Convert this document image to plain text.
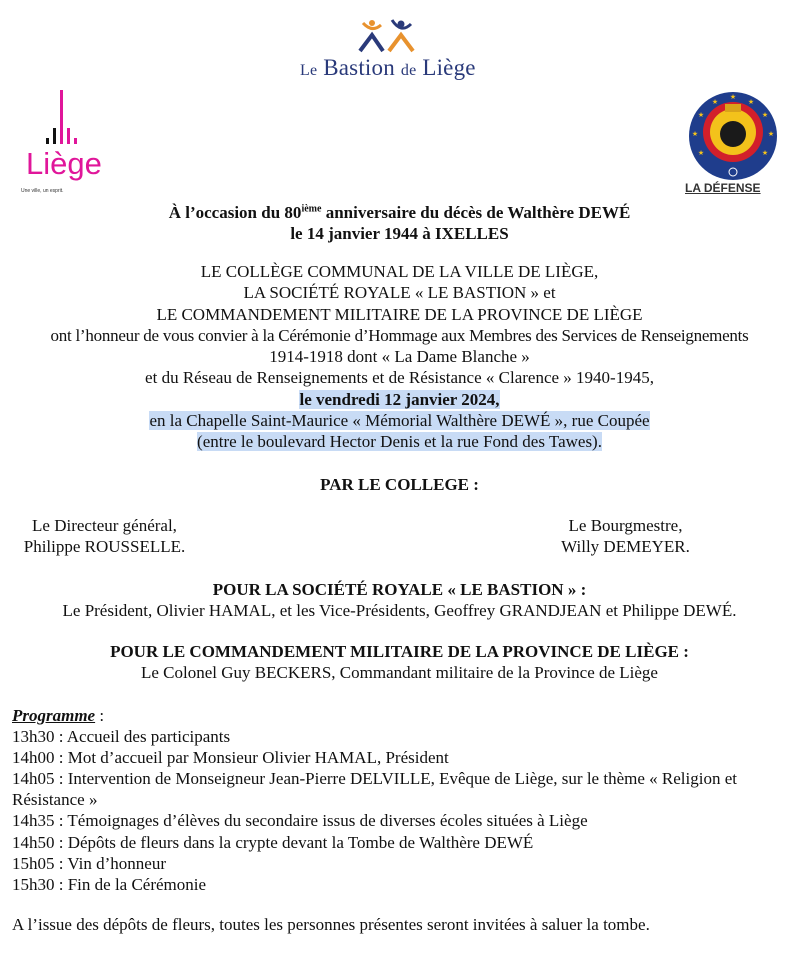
Le Bastion de Liège
Liège
Une ville, un esprit.
★
★
★
★
★
★
★
★
★
LA DÉFENSE
À l’occasion du 80ième anniversaire du décès de Walthère DEWÉ
le 14 janvier 1944 à IXELLES
LE COLLÈGE COMMUNAL DE LA VILLE DE LIÈGE,
LA SOCIÉTÉ ROYALE « LE BASTION » et
LE COMMANDEMENT MILITAIRE DE LA PROVINCE DE LIÈGE
ont l’honneur de vous convier à la Cérémonie d’Hommage aux Membres des Services de Renseignements
1914-1918 dont « La Dame Blanche »
et du Réseau de Renseignements et de Résistance « Clarence » 1940-1945,
le vendredi 12 janvier 2024,
en la Chapelle Saint-Maurice « Mémorial Walthère DEWÉ », rue Coupée
(entre le boulevard Hector Denis et la rue Fond des Tawes).
PAR LE COLLEGE :
Le Directeur général,
Philippe ROUSSELLE.
Le Bourgmestre,
Willy DEMEYER.
POUR LA SOCIÉTÉ ROYALE « LE BASTION » :
Le Président, Olivier HAMAL, et les Vice-Présidents, Geoffrey GRANDJEAN et Philippe DEWÉ.
POUR LE COMMANDEMENT MILITAIRE DE LA PROVINCE DE LIÈGE :
Le Colonel Guy BECKERS, Commandant militaire de la Province de Liège
Programme :
13h30 : Accueil des participants
14h00 : Mot d’accueil par Monsieur Olivier HAMAL, Président
14h05 : Intervention de Monseigneur Jean-Pierre DELVILLE, Evêque de Liège, sur le thème « Religion et Résistance »
14h35 : Témoignages d’élèves du secondaire issus de diverses écoles situées à Liège
14h50 : Dépôts de fleurs dans la crypte devant la Tombe de Walthère DEWÉ
15h05 : Vin d’honneur
15h30 : Fin de la Cérémonie
A l’issue des dépôts de fleurs, toutes les personnes présentes seront invitées à saluer la tombe.
